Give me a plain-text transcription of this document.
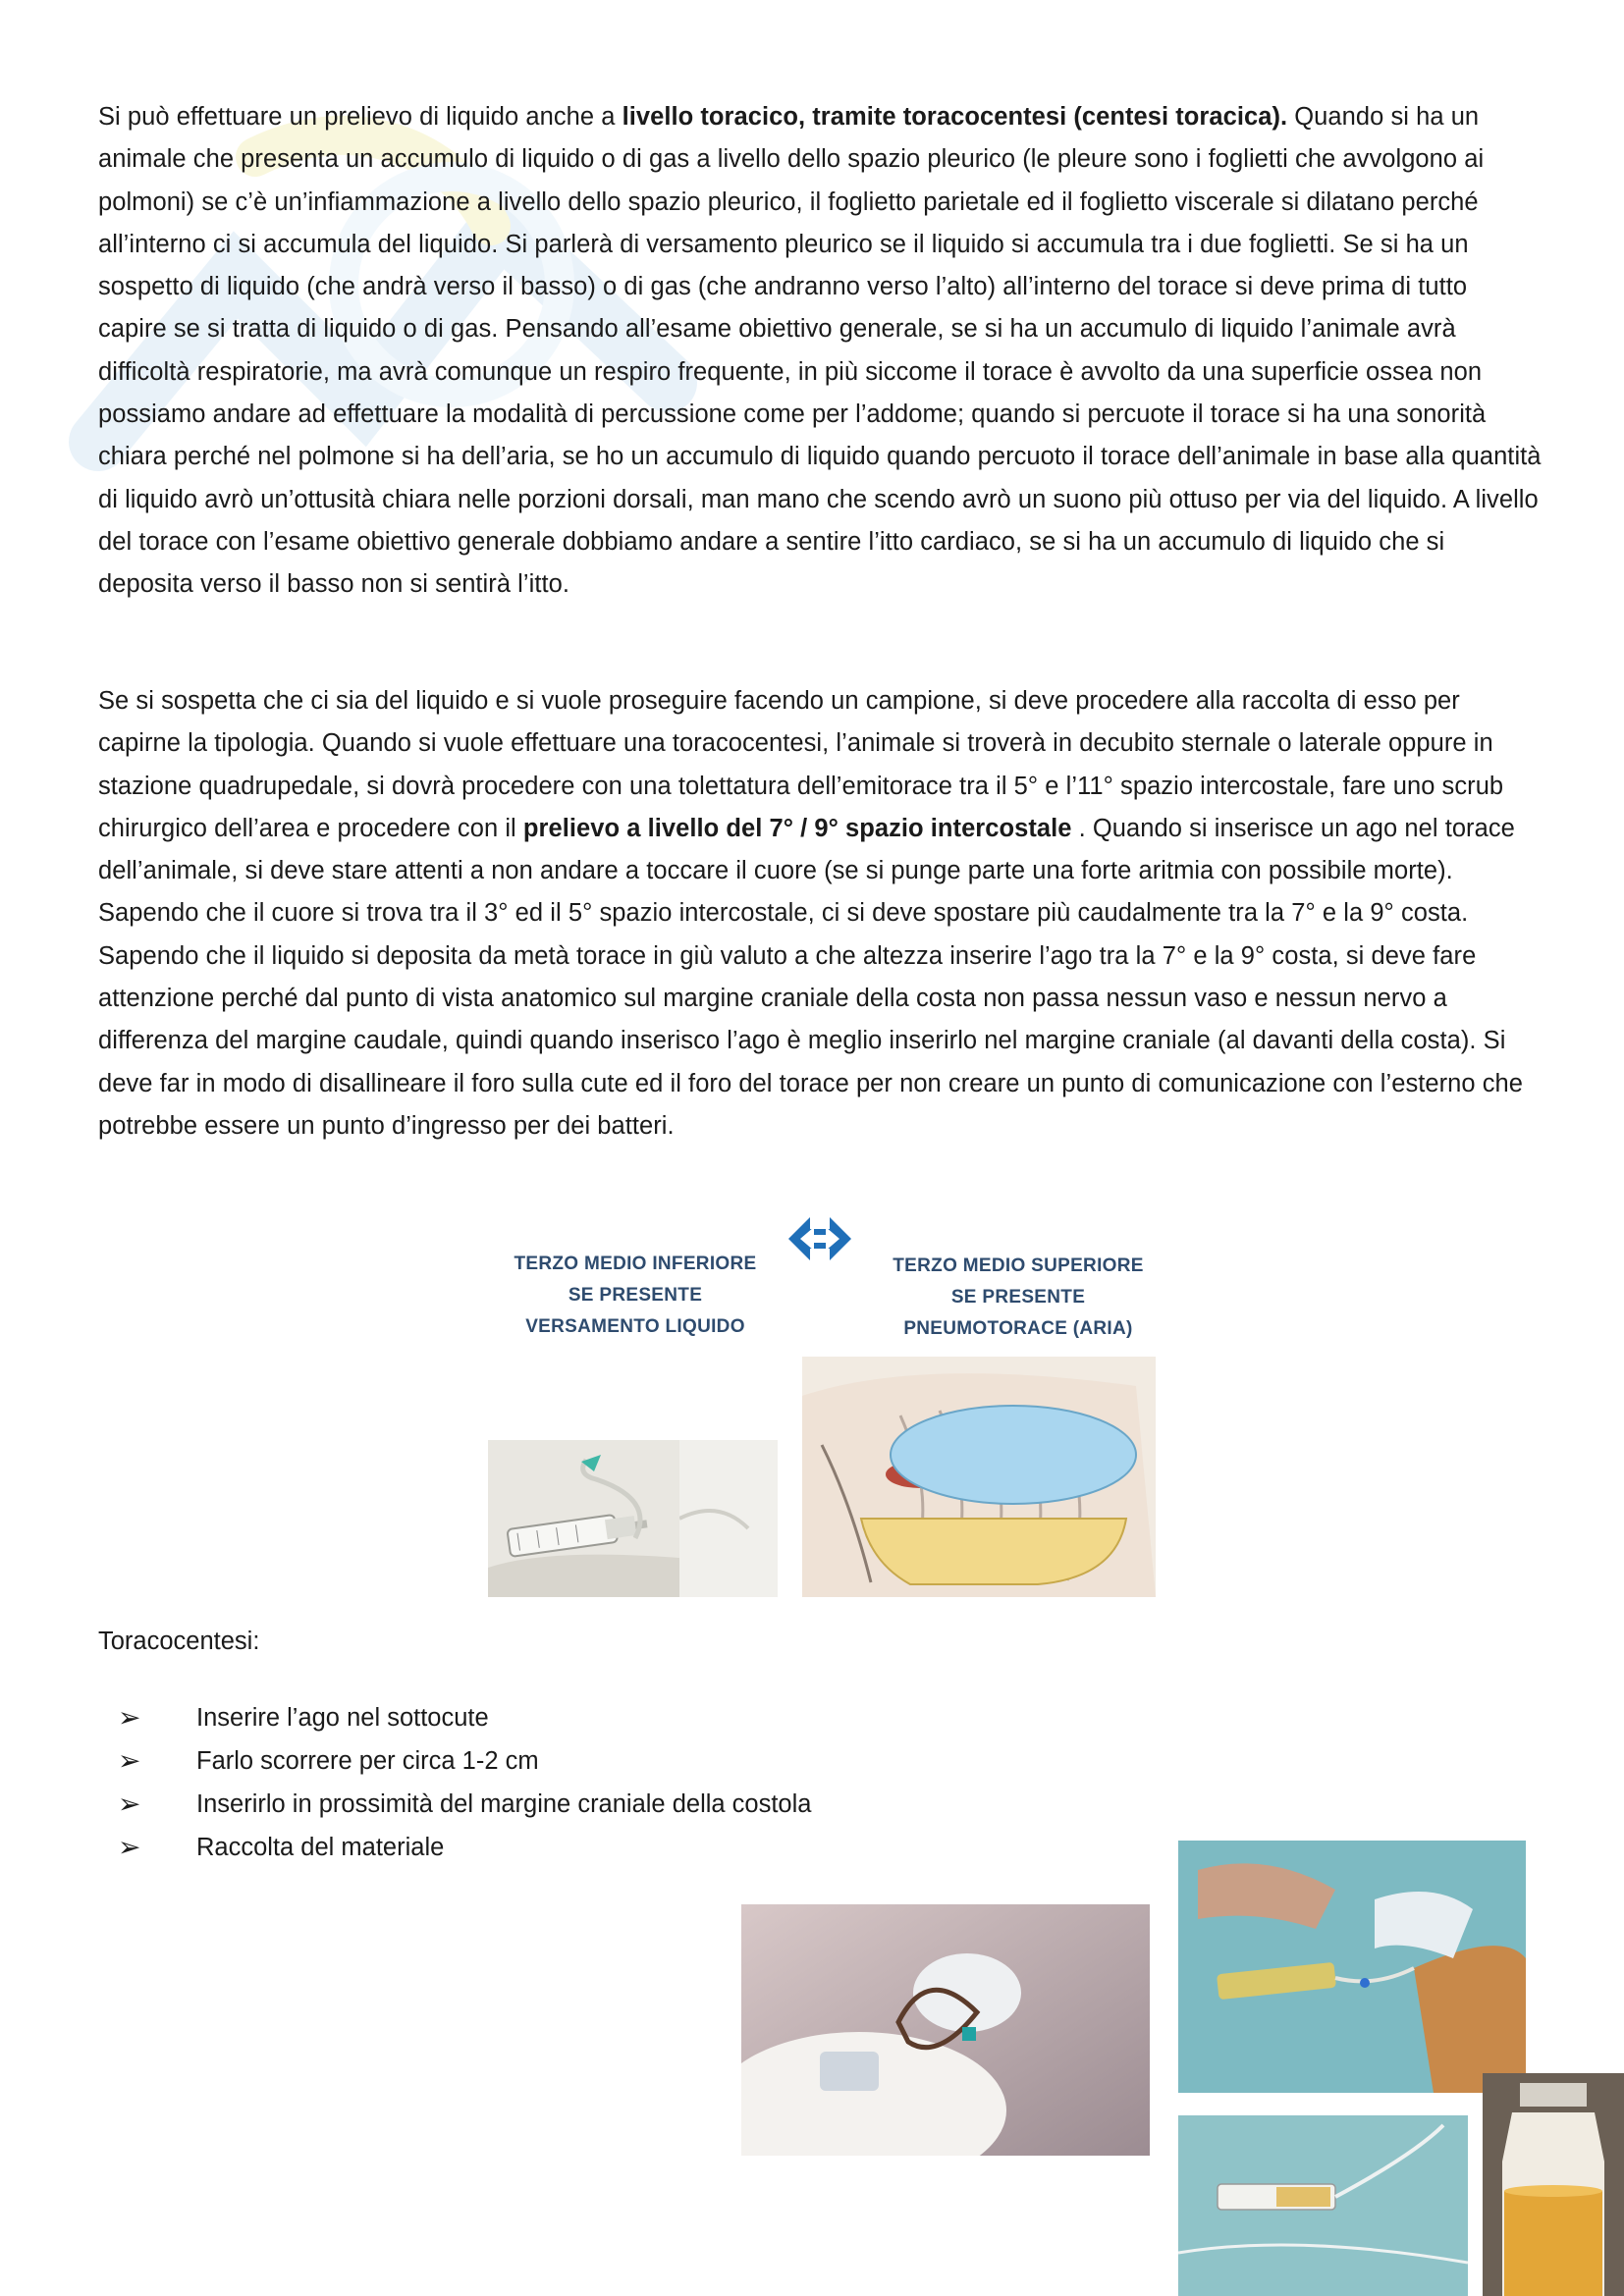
Si può effettuare un prelievo di liquido anche a livello toracico, tramite toracocentesi (centesi toracica). Quando si ha un animale che presenta un accumulo di liquido o di gas a livello dello spazio pleurico (le pleure sono i foglietti che avvolgono ai polmoni) se c’è un’infiammazione a livello dello spazio pleurico, il foglietto parietale ed il foglietto viscerale si dilatano perché all’interno ci si accumula del liquido. Si parlerà di versamento pleurico se il liquido si accumula tra i due foglietti. Se si ha un sospetto di liquido (che andrà verso il basso) o di gas (che andranno verso l’alto) all’interno del torace si deve prima di tutto capire se si tratta di liquido o di gas. Pensando all’esame obiettivo generale, se si ha un accumulo di liquido l’animale avrà difficoltà respiratorie, ma avrà comunque un respiro frequente, in più siccome il torace è avvolto da una superficie ossea non possiamo andare ad effettuare la modalità di percussione come per l’addome; quando si percuote il torace si ha una sonorità chiara perché nel polmone si ha dell’aria, se ho un accumulo di liquido quando percuoto il torace dell’animale in base alla quantità di liquido avrò un’ottusità chiara nelle porzioni dorsali, man mano che scendo avrò un suono più ottuso per via del liquido. A livello del torace con l’esame obiettivo generale dobbiamo andare a sentire l’itto cardiaco, se si ha un accumulo di liquido che si deposita verso il basso non si sentirà l’itto.
Se si sospetta che ci sia del liquido e si vuole proseguire facendo un campione, si deve procedere alla raccolta di esso per capirne la tipologia. Quando si vuole effettuare una toracocentesi, l’animale si troverà in decubito sternale o laterale oppure in stazione quadrupedale, si dovrà procedere con una tolettatura dell’emitorace tra il 5° e l’11° spazio intercostale, fare uno scrub chirurgico dell’area e procedere con il prelievo a livello del 7° / 9° spazio intercostale . Quando si inserisce un ago nel torace dell’animale, si deve stare attenti a non andare a toccare il cuore (se si punge parte una forte aritmia con possibile morte). Sapendo che il cuore si trova tra il 3° ed il 5° spazio intercostale, ci si deve spostare più caudalmente tra la 7° e la 9° costa. Sapendo che il liquido si deposita da metà torace in giù valuto a che altezza inserire l’ago tra la 7° e la 9° costa, si deve fare attenzione perché dal punto di vista anatomico sul margine craniale della costa non passa nessun vaso e nessun nervo a differenza del margine caudale, quindi quando inserisco l’ago è meglio inserirlo nel margine craniale (al davanti della costa). Si deve far in modo di disallineare il foro sulla cute ed il foro del torace per non creare un punto di comunicazione con l’esterno che potrebbe essere un punto d’ingresso per dei batteri.
TERZO MEDIO INFERIORE
SE PRESENTE
VERSAMENTO LIQUIDO
TERZO MEDIO SUPERIORE
SE PRESENTE
PNEUMOTORACE (ARIA)
Toracocentesi:
➢	Inserire l’ago nel sottocute
➢	Farlo scorrere per circa 1-2 cm
➢	Inserirlo in prossimità del margine craniale della costola
➢	Raccolta del materiale
